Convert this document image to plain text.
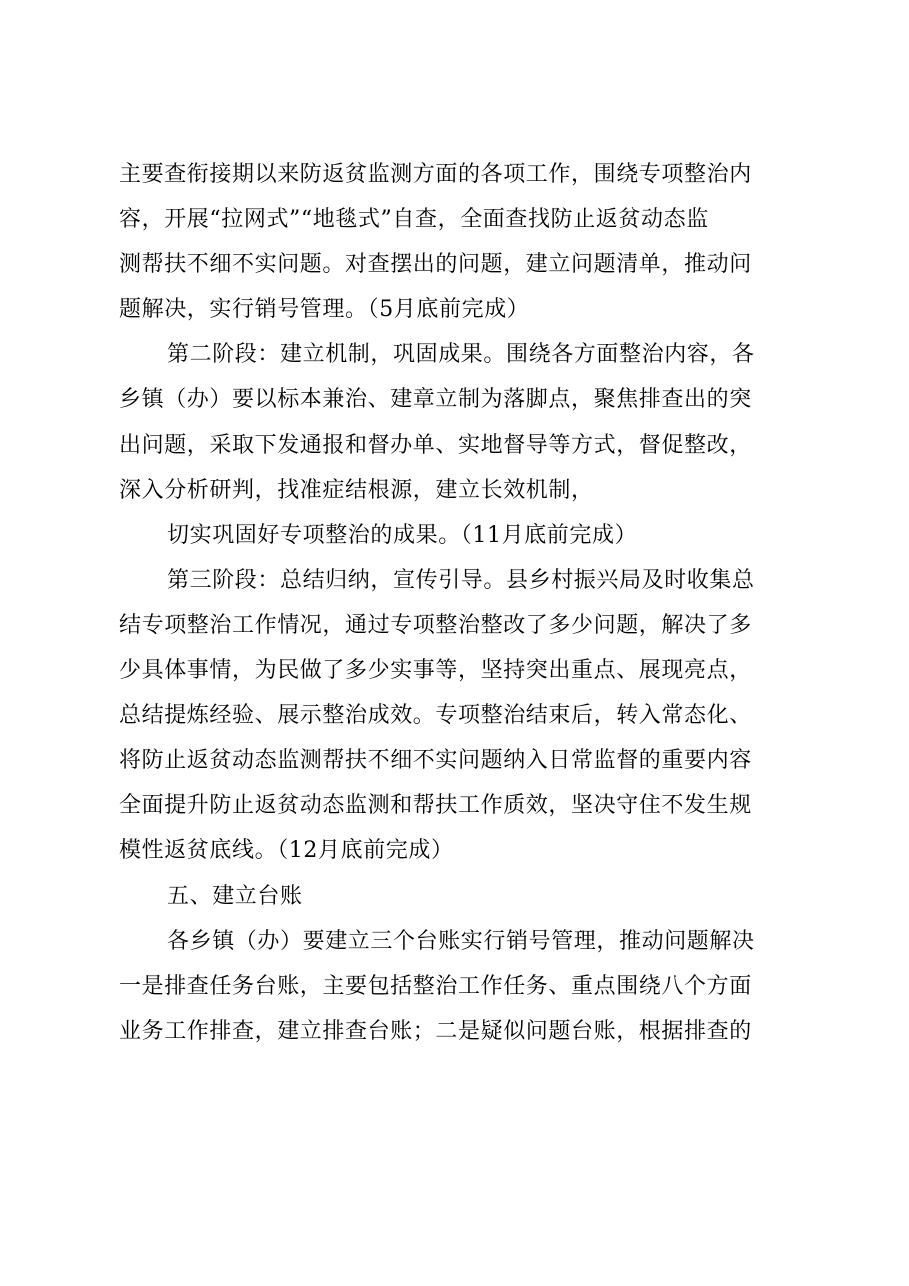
主要查衔接期以来防返贫监测方面的各项工作，围绕专项整治内
容，开展“拉网式”“地毯式”自查，全面查找防止返贫动态监
测帮扶不细不实问题。对查摆出的问题，建立问题清单，推动问
题解决，实行销号管理。（5月底前完成）
第二阶段：建立机制，巩固成果。围绕各方面整治内容，各
乡镇（办）要以标本兼治、建章立制为落脚点，聚焦排查出的突
出问题，采取下发通报和督办单、实地督导等方式，督促整改，
深入分析研判，找准症结根源，建立长效机制，
切实巩固好专项整治的成果。（11月底前完成）
第三阶段：总结归纳，宣传引导。县乡村振兴局及时收集总
结专项整治工作情况，通过专项整治整改了多少问题，解决了多
少具体事情，为民做了多少实事等，坚持突出重点、展现亮点，
总结提炼经验、展示整治成效。专项整治结束后，转入常态化、
将防止返贫动态监测帮扶不细不实问题纳入日常监督的重要内容
全面提升防止返贫动态监测和帮扶工作质效，坚决守住不发生规
模性返贫底线。（12月底前完成）
五、建立台账
各乡镇（办）要建立三个台账实行销号管理，推动问题解决
一是排查任务台账，主要包括整治工作任务、重点围绕八个方面
业务工作排查，建立排查台账；二是疑似问题台账，根据排查的
